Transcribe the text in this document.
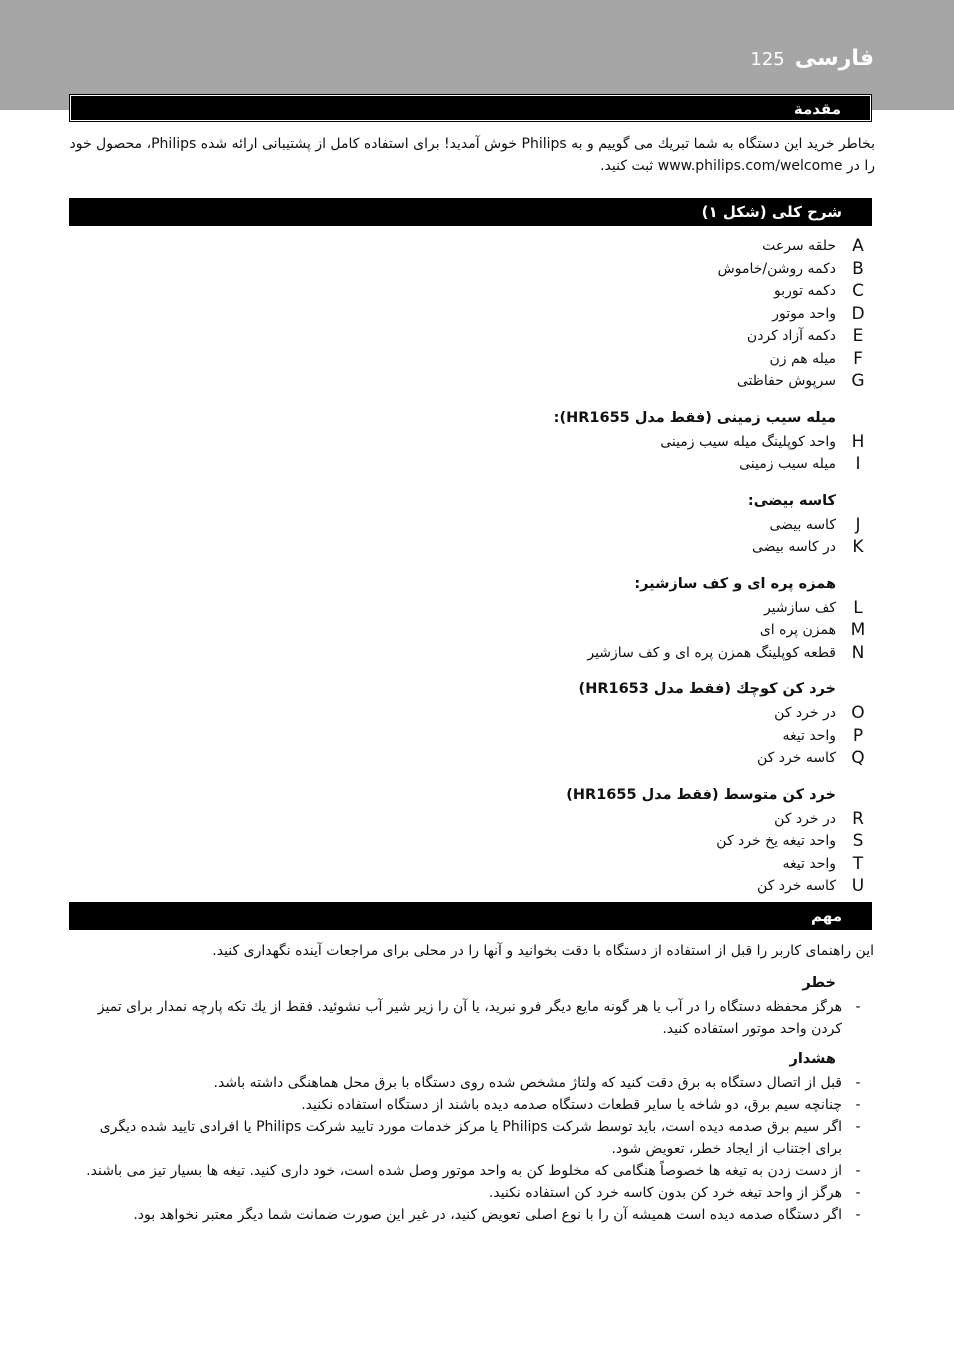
125 فارسی
مقدمة
بخاطر خرید این دستگاه به شما تبریك می گوییم و به Philips خوش آمدید! برای استفاده کامل از پشتیبانی ارائه شده Philips، محصول خود را در www.philips.com/welcome ثبت کنید.
شرح کلی (شکل ۱)
A
حلقه سرعت
B
دکمه روشن/خاموش
C
دکمه توربو
D
واحد موتور
E
دکمه آزاد کردن
F
میله هم زن
G
سرپوش حفاظتی
میله سیب زمینی (فقط مدل HR1655):
H
واحد کوپلینگ میله سیب زمینی
I
میله سیب زمینی
کاسه بیضی:
J
کاسه بیضی
K
در کاسه بیضی
همزه پره ای و کف سازشیر:
L
کف سازشیر
M
همزن پره ای
N
قطعه کوپلینگ همزن پره ای و کف سازشیر
خرد کن کوچك (فقط مدل HR1653)
O
در خرد کن
P
واحد تیغه
Q
کاسه خرد کن
خرد کن متوسط (فقط مدل HR1655)
R
در خرد کن
S
واحد تیغه یخ خرد کن
T
واحد تیغه
U
کاسه خرد کن
مهم
این راهنمای کاربر را قبل از استفاده از دستگاه با دقت بخوانید و آنها را در محلی برای مراجعات آینده نگهداری کنید.
خطر
-
هرگز محفظه دستگاه را در آب یا هر گونه مایع دیگر فرو نبرید، یا آن را زیر شیر آب نشوئید. فقط از یك تکه پارچه نمدار برای تمیز کردن واحد موتور استفاده کنید.
هشدار
-
قبل از اتصال دستگاه به برق دقت کنید که ولتاژ مشخص شده روی دستگاه با برق محل هماهنگی داشته باشد.
-
چنانچه سیم برق، دو شاخه یا سایر قطعات دستگاه صدمه دیده باشند از دستگاه استفاده نکنید.
-
اگر سیم برق صدمه دیده است، باید توسط شرکت Philips یا مرکز خدمات مورد تایید شرکت Philips یا افرادی تایید شده دیگری برای اجتناب از ایجاد خطر، تعویض شود.
-
از دست زدن به تیغه ها خصوصاً هنگامی که مخلوط کن به واحد موتور وصل شده است، خود داری کنید. تیغه ها بسیار تیز می باشند.
-
هرگز از واحد تیغه خرد کن بدون کاسه خرد کن استفاده نکنید.
-
اگر دستگاه صدمه دیده است همیشه آن را با نوع اصلی تعویض کنید، در غیر این صورت ضمانت شما دیگر معتبر نخواهد بود.
